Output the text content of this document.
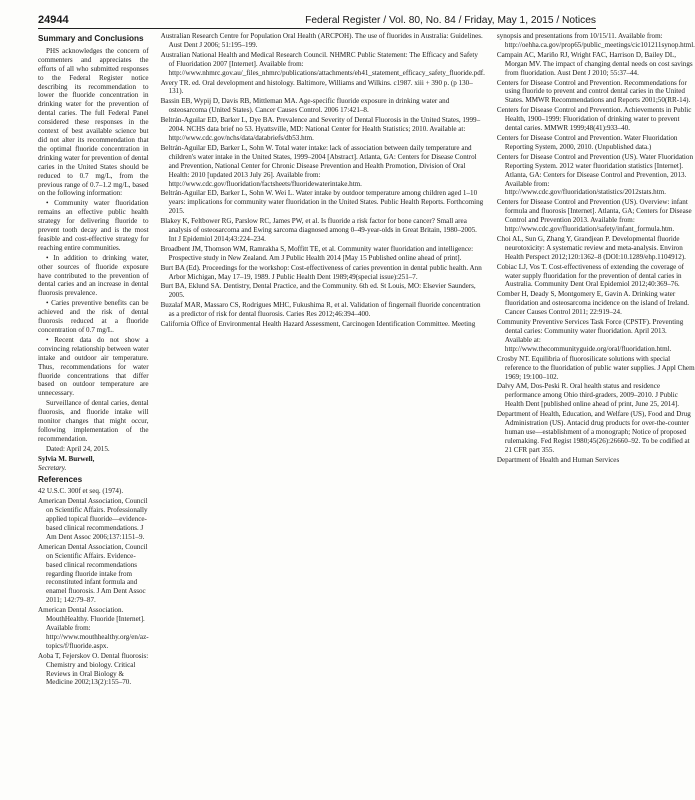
24944	Federal Register / Vol. 80, No. 84 / Friday, May 1, 2015 / Notices
Summary and Conclusions

PHS acknowledges the concern of commenters and appreciates the efforts of all who submitted responses to the Federal Register notice describing its recommendation to lower the fluoride concentration in drinking water for the prevention of dental caries. The full Federal Panel considered these responses in the context of best available science but did not alter its recommendation that the optimal fluoride concentration in drinking water for prevention of dental caries in the United States should be reduced to 0.7 mg/L, from the previous range of 0.7–1.2 mg/L, based on the following information:

• Community water fluoridation remains an effective public health strategy for delivering fluoride to prevent tooth decay and is the most feasible and cost-effective strategy for reaching entire communities.

• In addition to drinking water, other sources of fluoride exposure have contributed to the prevention of dental caries and an increase in dental fluorosis prevalence.

• Caries preventive benefits can be achieved and the risk of dental fluorosis reduced at a fluoride concentration of 0.7 mg/L.

• Recent data do not show a convincing relationship between water intake and outdoor air temperature. Thus, recommendations for water fluoride concentrations that differ based on outdoor temperature are unnecessary.

Surveillance of dental caries, dental fluorosis, and fluoride intake will monitor changes that might occur, following implementation of the recommendation.

Dated: April 24, 2015.

Sylvia M. Burwell,
Secretary.
References
42 U.S.C. 300f et seq. (1974).
American Dental Association, Council on Scientific Affairs. Professionally applied topical fluoride—evidence-based clinical recommendations. J Am Dent Assoc 2006;137:1151–9.
American Dental Association, Council on Scientific Affairs. Evidence-based clinical recommendations regarding fluoride intake from reconstituted infant formula and enamel fluorosis. J Am Dent Assoc 2011; 142:79–87.
American Dental Association. MouthHealthy. Fluoride [Internet]. Available from: http://www.mouthhealthy.org/en/az-topics/f/fluoride.aspx.
Aoba T, Fejerskov O. Dental fluorosis: Chemistry and biology. Critical Reviews in Oral Biology & Medicine 2002;13(2):155–70.
Australian Research Centre for Population Oral Health (ARCPOH). The use of fluorides in Australia: Guidelines. Aust Dent J 2006; 51:195–199.
Australian National Health and Medical Research Council. NHMRC Public Statement: The Efficacy and Safety of Fluoridation 2007 [Internet]. Available from: http://www.nhmrc.gov.au/_files_nhmrc/publications/attachments/eh41_statement_efficacy_safety_fluoride.pdf.
Avery TR. ed. Oral development and histology. Baltimore, Williams and Wilkins. c1987. xiii + 390 p. (p 130–131).
Bassin EB, Wypij D, Davis RB, Mittleman MA. Age-specific fluoride exposure in drinking water and osteosarcoma (United States). Cancer Causes Control. 2006 17:421–8.
Beltrán-Aguilar ED, Barker L, Dye BA. Prevalence and Severity of Dental Fluorosis in the United States, 1999–2004. NCHS data brief no 53. Hyattsville, MD: National Center for Health Statistics; 2010. Available at: http://www.cdc.gov/nchs/data/databriefs/db53.htm.
Beltrán-Aguilar ED, Barker L, Sohn W. Total water intake: lack of association between daily temperature and children's water intake in the United States, 1999–2004 [Abstract]. Atlanta, GA: Centers for Disease Control and Prevention, National Center for Chronic Disease Prevention and Health Promotion, Division of Oral Health: 2010 [updated 2013 July 26]. Available from: http://www.cdc.gov/fluoridation/factsheets/fluoridewaterintake.htm.
Beltrán-Aguilar ED, Barker L, Sohn W. Wei L. Water intake by outdoor temperature among children aged 1–10 years: implications for community water fluoridation in the United States. Public Health Reports. Forthcoming 2015.
Blakey K, Feltbower RG, Parslow RC, James PW, et al. Is fluoride a risk factor for bone cancer? Small area analysis of osteosarcoma and Ewing sarcoma diagnosed among 0–49-year-olds in Great Britain, 1980–2005. Int J Epidemiol 2014;43:224–234.
Broadbent JM, Thomson WM, Ramrakha S, Moffitt TE, et al. Community water fluoridation and intelligence: Prospective study in New Zealand. Am J Public Health 2014 [May 15 Published online ahead of print].
Burt BA (Ed). Proceedings for the workshop: Cost-effectiveness of caries prevention in dental public health. Ann Arbor Michigan, May 17–19, 1989. J Public Health Dent 1989;49(special issue):251–7.
Burt BA, Eklund SA. Dentistry, Dental Practice, and the Community. 6th ed. St Louis, MO: Elsevier Saunders, 2005.
Buzalaf MAR, Massaro CS, Rodrigues MHC, Fukushima R, et al. Validation of fingernail fluoride concentration as a predictor of risk for dental fluorosis. Caries Res 2012;46:394–400.
California Office of Environmental Health Hazard Assessment, Carcinogen Identification Committee. Meeting
synopsis and presentations from 10/15/11. Available from: http://oehha.ca.gov/prop65/public_meetings/cic101211synop.html.
Campain AC, Mariño RJ, Wright FAC, Harrison D, Bailey DL, Morgan MV. The impact of changing dental needs on cost savings from fluoridation. Aust Dent J 2010; 55:37–44.
Centers for Disease Control and Prevention. Recommendations for using fluoride to prevent and control dental caries in the United States. MMWR Recommendations and Reports 2001;50(RR-14).
Centers for Disease Control and Prevention. Achievements in Public Health, 1900–1999: Fluoridation of drinking water to prevent dental caries. MMWR 1999;48(41):933–40.
Centers for Disease Control and Prevention. Water Fluoridation Reporting System, 2000, 2010. (Unpublished data.)
Centers for Disease Control and Prevention (US). Water Fluoridation Reporting System. 2012 water fluoridation statistics [Internet]. Atlanta, GA: Centers for Disease Control and Prevention, 2013. Available from: http://www.cdc.gov/fluoridation/statistics/2012stats.htm.
Centers for Disease Control and Prevention (US). Overview: infant formula and fluorosis [Internet]. Atlanta, GA; Centers for Disease Control and Prevention 2013. Available from: http://www.cdc.gov/fluoridation/safety/infant_formula.htm.
Choi AL, Sun G, Zhang Y, Grandjean P. Developmental fluoride neurotoxicity: A systematic review and meta-analysis. Environ Health Perspect 2012;120:1362–8 (DOI:10.1289/ehp.1104912).
Cobiac LJ, Vos T. Cost-effectiveness of extending the coverage of water supply fluoridation for the prevention of dental caries in Australia. Community Dent Oral Epidemiol 2012;40:369–76.
Comber H, Deady S, Montgomery E, Gavin A. Drinking water fluoridation and osteosarcoma incidence on the island of Ireland. Cancer Causes Control 2011; 22:919–24.
Community Preventive Services Task Force (CPSTF). Preventing dental caries: Community water fluoridation. April 2013. Available at: http://www.thecommunityguide.org/oral/fluoridation.html.
Crosby NT. Equilibria of fluorosilicate solutions with special reference to the fluoridation of public water supplies. J Appl Chem 1969; 19:100–102.
Dalvy AM, Dos-Peski R. Oral health status and residence performance among Ohio third-graders, 2009–2010. J Public Health Dent [published online ahead of print, June 25, 2014].
Department of Health, Education, and Welfare (US), Food and Drug Administration (US). Antacid drug products for over-the-counter human use—establishment of a monograph; Notice of proposed rulemaking. Fed Regist 1980;45(26):26660–92. To be codified at 21 CFR part 355.
Department of Health and Human Services
